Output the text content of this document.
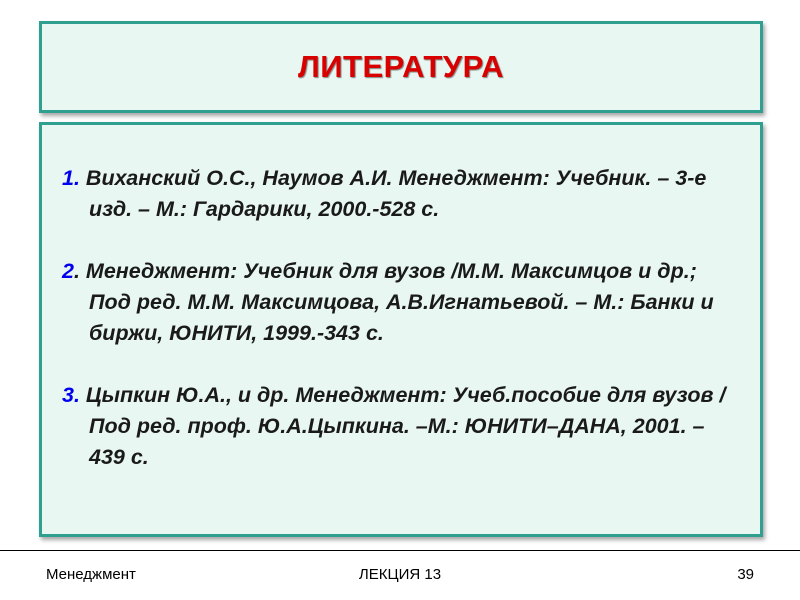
ЛИТЕРАТУРА
1. Виханский О.С., Наумов А.И. Менеджмент: Учебник. – 3-е изд. – М.: Гардарики, 2000.-528 с.
2. Менеджмент: Учебник для вузов /М.М. Максимцов и др.; Под ред. М.М. Максимцова, А.В.Игнатьевой. – М.: Банки и биржи, ЮНИТИ, 1999.-343 с.
3. Цыпкин Ю.А., и др. Менеджмент: Учеб.пособие для вузов /Под ред. проф. Ю.А.Цыпкина. –М.: ЮНИТИ–ДАНА, 2001. – 439 с.
Менеджмент	ЛЕКЦИЯ 13	39
